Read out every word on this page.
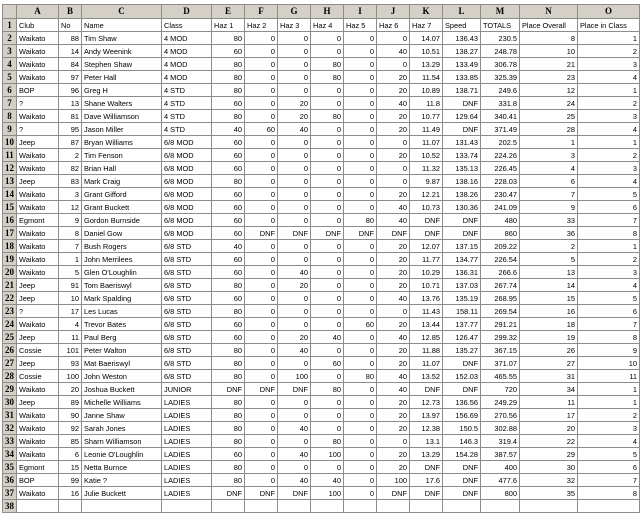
	A	B	C	D	E	F	G	H	I	J	K	L	M	N	O
1	Club	No	Name	Class	Haz 1	Haz 2	Haz 3	Haz 4	Haz 5	Haz 6	Haz 7	Speed	TOTALS	Place Overall	Place in Class
2	Waikato	88	Tim Shaw	4 MOD	80	0	0	0	0	0	14.07	136.43	230.5	8	1
3	Waikato	14	Andy Weenink	4 MOD	60	0	0	0	0	40	10.51	138.27	248.78	10	2
4	Waikato	84	Stephen Shaw	4 MOD	80	0	0	80	0	0	13.29	133.49	306.78	21	3
5	Waikato	97	Peter Hall	4 MOD	80	0	0	80	0	20	11.54	133.85	325.39	23	4
6	BOP	96	Greg H	4 STD	80	0	0	0	0	20	10.89	138.71	249.6	12	1
7	?	13	Shane Walters	4 STD	60	0	20	0	0	40	11.8	DNF	331.8	24	2
8	Waikato	81	Dave Williamson	4 STD	80	0	20	80	0	20	10.77	129.64	340.41	25	3
9	?	95	Jason Miller	4 STD	40	60	40	0	0	20	11.49	DNF	371.49	28	4
10	Jeep	87	Bryan Williams	6/8 MOD	60	0	0	0	0	0	11.07	131.43	202.5	1	1
11	Waikato	2	Tim Fenson	6/8 MOD	60	0	0	0	0	20	10.52	133.74	224.26	3	2
12	Waikato	82	Brian Hall	6/8 MOD	60	0	0	0	0	0	11.32	135.13	226.45	4	3
13	Jeep	83	Mark Craig	6/8 MOD	80	0	0	0	0	0	9.87	138.16	228.03	6	4
14	Waikato	3	Grant Gifford	6/8 MOD	60	0	0	0	0	20	12.21	138.26	230.47	7	5
15	Waikato	12	Grant Buckett	6/8 MOD	60	0	0	0	0	40	10.73	130.36	241.09	9	6
16	Egmont	9	Gordon Burnside	6/8 MOD	60	0	0	0	80	40	DNF	DNF	480	33	7
17	Waikato	8	Daniel Gow	6/8 MOD	60	DNF	DNF	DNF	DNF	DNF	DNF	DNF	860	36	8
18	Waikato	7	Bush Rogers	6/8 STD	40	0	0	0	0	20	12.07	137.15	209.22	2	1
19	Waikato	1	John Merrilees	6/8 STD	60	0	0	0	0	20	11.77	134.77	226.54	5	2
20	Waikato	5	Glen O'Loughlin	6/8 STD	60	0	40	0	0	20	10.29	136.31	266.6	13	3
21	Jeep	91	Tom Baeriswyl	6/8 STD	80	0	20	0	0	20	10.71	137.03	267.74	14	4
22	Jeep	10	Mark Spalding	6/8 STD	60	0	0	0	0	40	13.76	135.19	268.95	15	5
23	?	17	Les Lucas	6/8 STD	80	0	0	0	0	0	11.43	158.11	269.54	16	6
24	Waikato	4	Trevor Bates	6/8 STD	60	0	0	0	60	20	13.44	137.77	291.21	18	7
25	Jeep	11	Paul Berg	6/8 STD	60	0	20	40	0	40	12.85	126.47	299.32	19	8
26	Cossie	101	Peter Walton	6/8 STD	80	0	40	0	0	20	11.88	135.27	367.15	26	9
27	Jeep	93	Mat Baeriswyl	6/8 STD	80	0	0	60	0	20	11.07	DNF	371.07	27	10
28	Cossie	100	John Weston	6/8 STD	80	0	100	0	80	40	13.52	152.03	465.55	31	11
29	Waikato	20	Joshua Buckett	JUNIOR	DNF	DNF	DNF	80	0	40	DNF	DNF	720	34	1
30	Jeep	89	Michelle Williams	LADIES	80	0	0	0	0	20	12.73	136.56	249.29	11	1
31	Waikato	90	Janne Shaw	LADIES	80	0	0	0	0	20	13.97	156.69	270.56	17	2
32	Waikato	92	Sarah Jones	LADIES	80	0	40	0	0	20	12.38	150.5	302.88	20	3
33	Waikato	85	Sharn Williamson	LADIES	80	0	0	80	0	0	13.1	146.3	319.4	22	4
34	Waikato	6	Leonie O'Loughlin	LADIES	60	0	40	100	0	20	13.29	154.28	387.57	29	5
35	Egmont	15	Netta Burnce	LADIES	80	0	0	0	0	20	DNF	DNF	400	30	6
36	BOP	99	Katie ?	LADIES	80	0	40	40	0	100	17.6	DNF	477.6	32	7
37	Waikato	16	Julie Buckett	LADIES	DNF	DNF	DNF	100	0	DNF	DNF	DNF	800	35	8
38															
